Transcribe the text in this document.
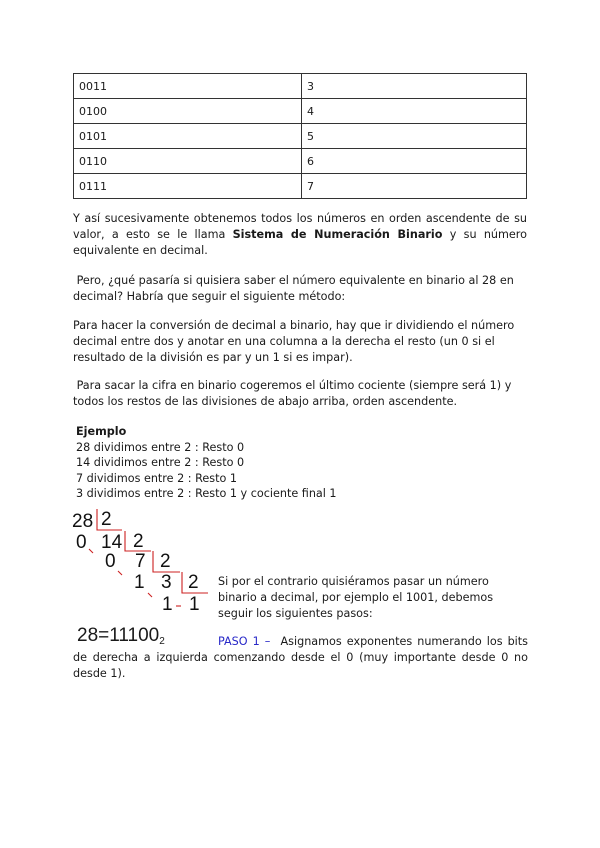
0011	3
0100	4
0101	5
0110	6
0111	7

Y así sucesivamente obtenemos todos los números en orden ascendente de su valor, a esto se le llama Sistema de Numeración Binario y su número equivalente en decimal.

Pero, ¿qué pasaría si quisiera saber el número equivalente en binario al 28 en decimal? Habría que seguir el siguiente método:

Para hacer la conversión de decimal a binario, hay que ir dividiendo el número decimal entre dos y anotar en una columna a la derecha el resto (un 0 si el resultado de la división es par y un 1 si es impar).

Para sacar la cifra en binario cogeremos el último cociente (siempre será 1) y todos los restos de las divisiones de abajo arriba, orden ascendente.

Ejemplo
28 dividimos entre 2 : Resto 0
14 dividimos entre 2 : Resto 0
7 dividimos entre 2 : Resto 1
3 dividimos entre 2 : Resto 1 y cociente final 1
28 2
0 14 2
0 7 2
1 3 2
1 1
$28=11100_2$

Si por el contrario quisiéramos pasar un número binario a decimal, por ejemplo el 1001, debemos seguir los siguientes pasos:

PASO 1 –  Asignamos exponentes numerando los bits de derecha a izquierda comenzando desde el 0 (muy importante desde 0 no desde 1).
